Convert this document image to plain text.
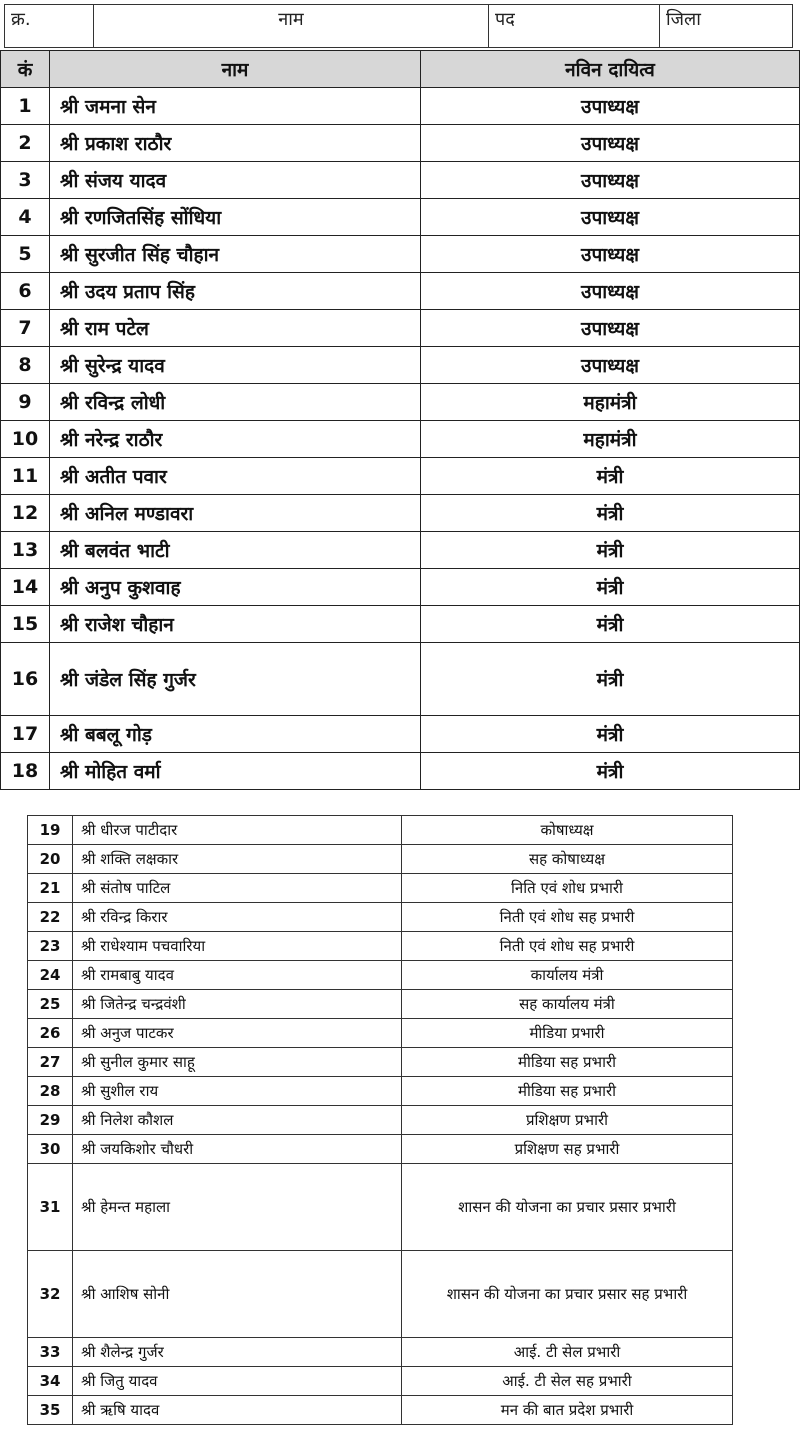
क्र.	नाम	पद	जिला
कं	नाम	नविन दायित्व
1	श्री जमना सेन	उपाध्यक्ष
2	श्री प्रकाश राठौर	उपाध्यक्ष
3	श्री संजय यादव	उपाध्यक्ष
4	श्री रणजितसिंह सोंधिया	उपाध्यक्ष
5	श्री सुरजीत सिंह चौहान	उपाध्यक्ष
6	श्री उदय प्रताप सिंह	उपाध्यक्ष
7	श्री राम पटेल	उपाध्यक्ष
8	श्री सुरेन्द्र यादव	उपाध्यक्ष
9	श्री रविन्द्र लोधी	महामंत्री
10	श्री नरेन्द्र राठौर	महामंत्री
11	श्री अतीत पवार	मंत्री
12	श्री अनिल मण्डावरा	मंत्री
13	श्री बलवंत भाटी	मंत्री
14	श्री अनुप कुशवाह	मंत्री
15	श्री राजेश चौहान	मंत्री
16	श्री जंडेल सिंह गुर्जर	मंत्री
17	श्री बबलू गोड़	मंत्री
18	श्री मोहित वर्मा	मंत्री
19	श्री धीरज पाटीदार	कोषाध्यक्ष
20	श्री शक्ति लक्षकार	सह कोषाध्यक्ष
21	श्री संतोष पाटिल	निति एवं शोध प्रभारी
22	श्री रविन्द्र किरार	निती एवं शोध सह प्रभारी
23	श्री राधेश्याम पचवारिया	निती एवं शोध सह प्रभारी
24	श्री रामबाबु यादव	कार्यालय मंत्री
25	श्री जितेन्द्र चन्द्रवंशी	सह कार्यालय मंत्री
26	श्री अनुज पाटकर	मीडिया प्रभारी
27	श्री सुनील कुमार साहू	मीडिया सह प्रभारी
28	श्री सुशील राय	मीडिया सह प्रभारी
29	श्री निलेश कौशल	प्रशिक्षण प्रभारी
30	श्री जयकिशोर चौधरी	प्रशिक्षण सह प्रभारी
31	श्री हेमन्त महाला	शासन की योजना का प्रचार प्रसार प्रभारी
32	श्री आशिष सोनी	शासन की योजना का प्रचार प्रसार सह प्रभारी
33	श्री शैलेन्द्र गुर्जर	आई. टी सेल प्रभारी
34	श्री जितु यादव	आई. टी सेल सह प्रभारी
35	श्री ऋषि यादव	मन की बात प्रदेश प्रभारी
